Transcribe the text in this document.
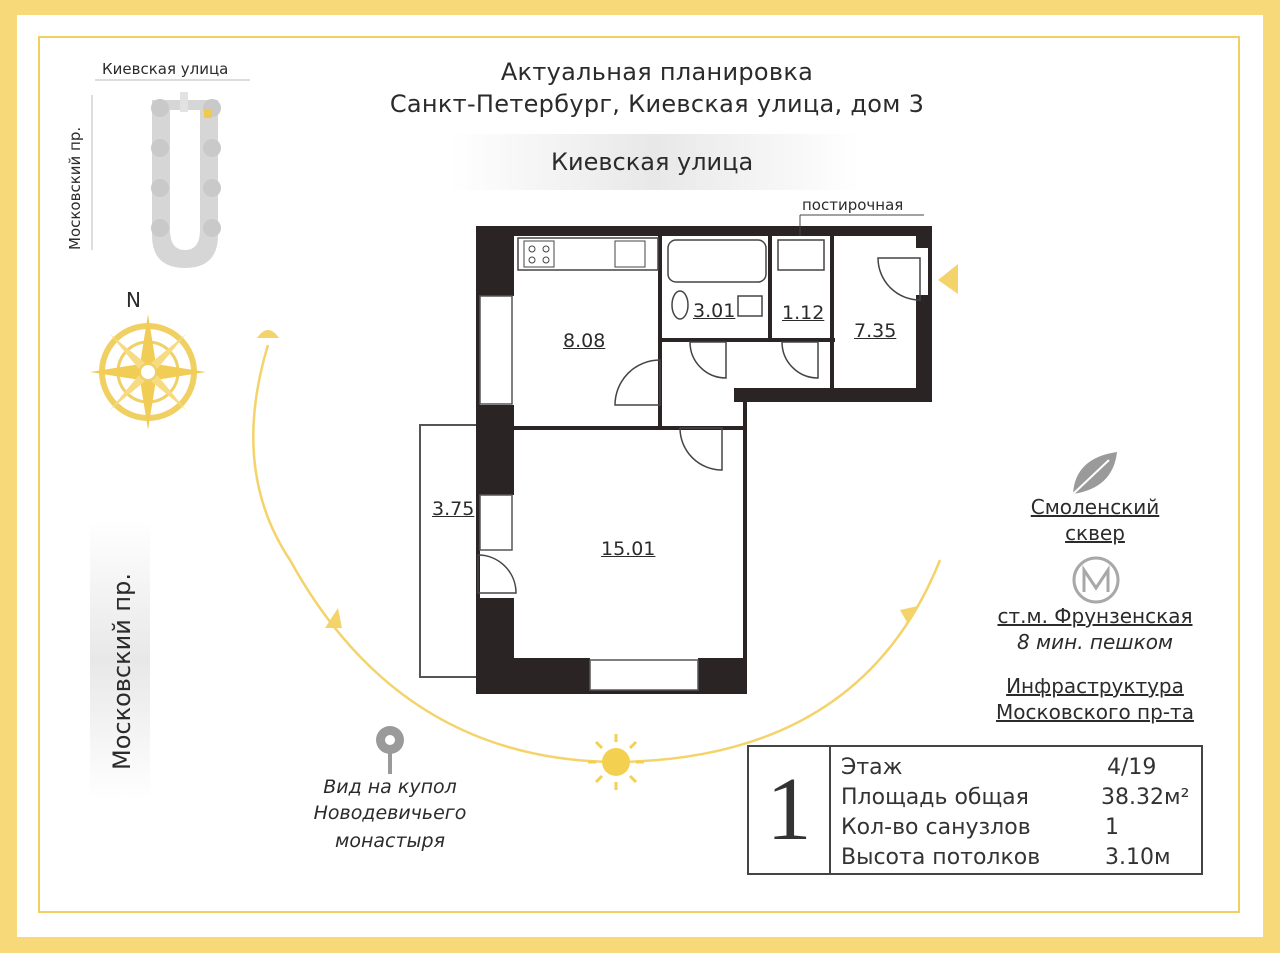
Актуальная планировка
Санкт-Петербург, Киевская улица, дом 3
Киевская улица
Московский пр.
N
Киевская улица
Московский пр.
постирочная
8.08
3.01 1.12
7.35
3.75
15.01
Вид на купол
Новодевичьего
монастыря
Смоленский
сквер
ст.м. Фрунзенская
8 мин. пешком
Инфраструктура
Московского пр-та
1	Этаж	4/19
Площадь общая	38.32м²
Кол-во санузлов	1
Высота потолков	3.10м
